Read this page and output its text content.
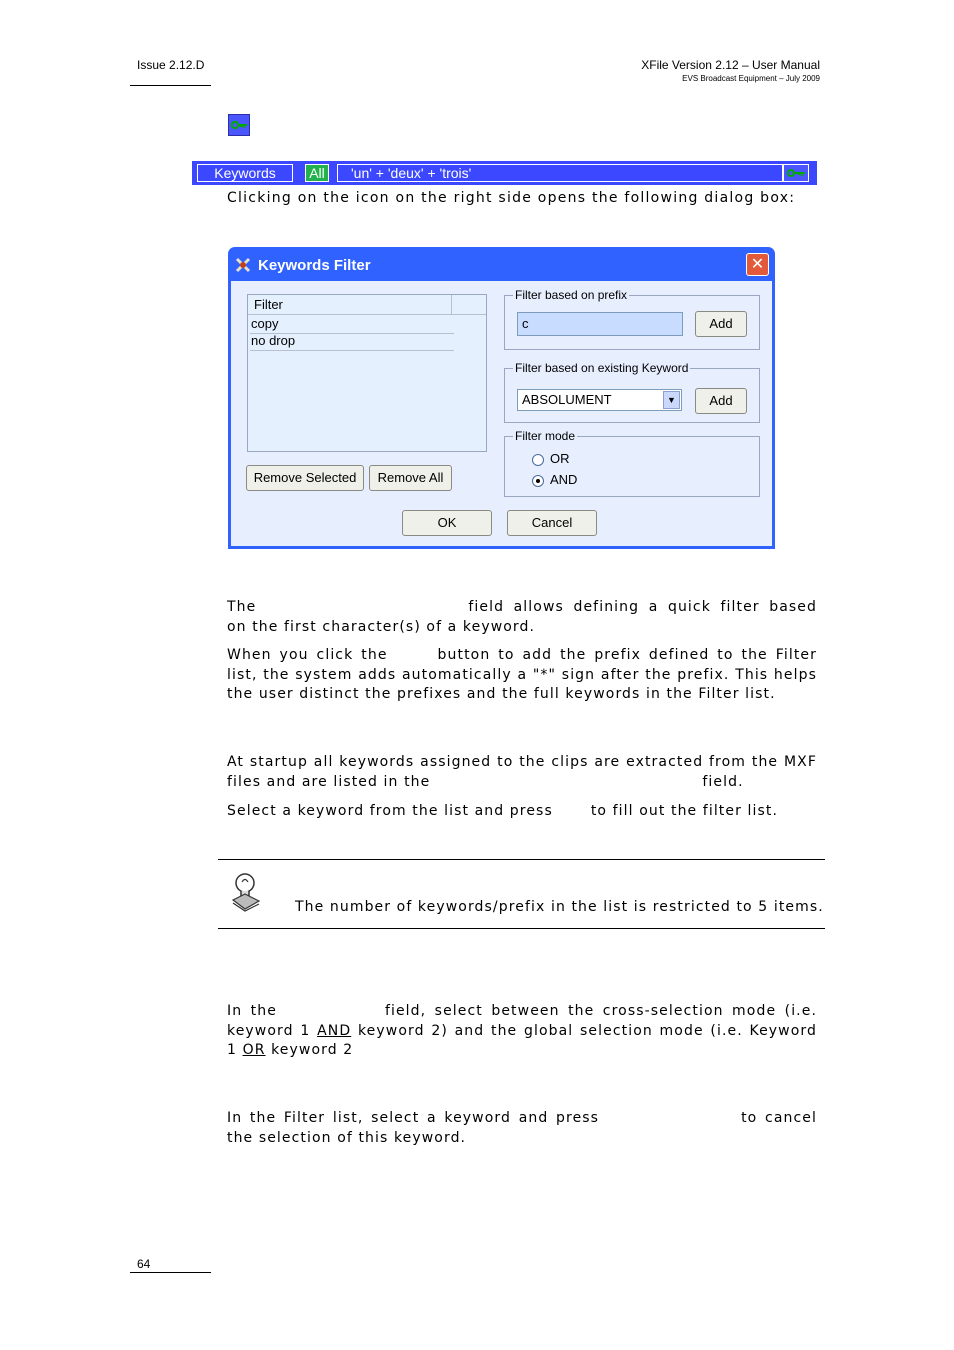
Issue 2.12.D	XFile Version 2.12 – User Manual
EVS Broadcast Equipment – July 2009
Keywords	All	'un' + 'deux' + 'trois'
Clicking on the icon on the right side opens the following dialog box:
Keywords Filter	✕
Filter
copy
no drop
Remove Selected	Remove All
Filter based on prefix
c	Add
Filter based on existing Keyword
ABSOLUMENT	▼	Add
Filter mode
OR
AND
OK	Cancel
The	field allows defining a quick filter based on the first character(s) of a keyword.
When you click the	button to add the prefix defined to the Filter list, the system adds automatically a "*" sign after the prefix. This helps the user distinct the prefixes and the full keywords in the Filter list.
At startup all keywords assigned to the clips are extracted from the MXF files and are listed in the	field.
Select a keyword from the list and press	to fill out the filter list.
The number of keywords/prefix in the list is restricted to 5 items.
In the	field, select between the cross-selection mode (i.e. keyword 1 AND keyword 2) and the global selection mode (i.e. Keyword 1 OR keyword 2
In the Filter list, select a keyword and press	to cancel the selection of this keyword.
64
